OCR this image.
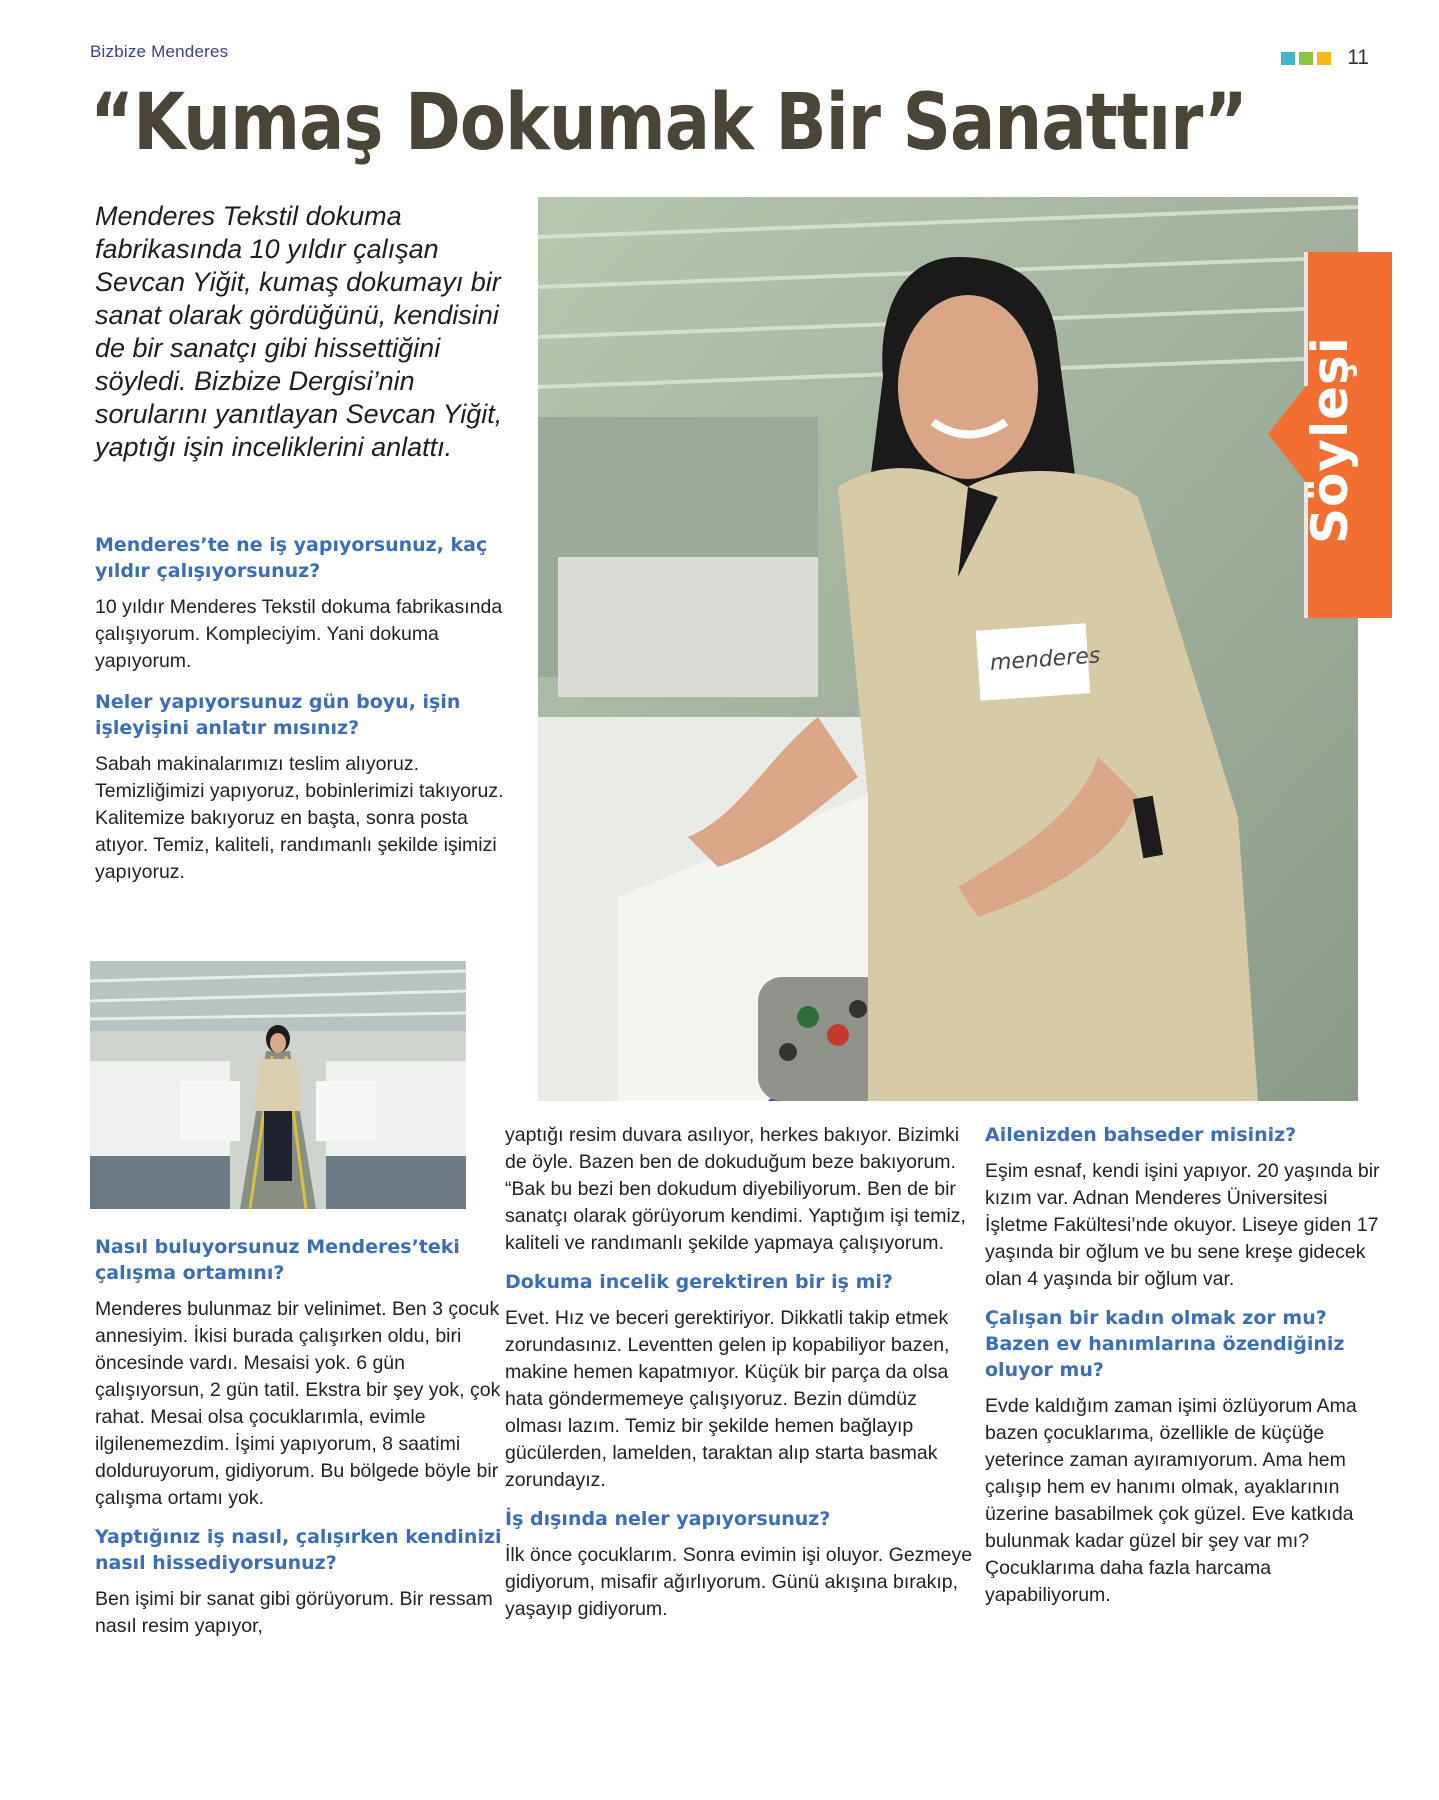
Bizbize Menderes	11
“Kumaş Dokumak Bir Sanattır”
Menderes Tekstil dokuma fabrikasında 10 yıldır çalışan Sevcan Yiğit, kumaş dokumayı bir sanat olarak gördüğünü, kendisini de bir sanatçı gibi hissettiğini söyledi. Bizbize Dergisi’nin sorularını yanıtlayan Sevcan Yiğit, yaptığı işin inceliklerini anlattı.
Menderes’te ne iş yapıyorsunuz, kaç yıldır çalışıyorsunuz?
10 yıldır Menderes Tekstil dokuma fabrikasında çalışıyorum. Kompleciyim. Yani dokuma yapıyorum.
Neler yapıyorsunuz gün boyu, işin işleyişini anlatır mısınız?
Sabah makinalarımızı teslim alıyoruz. Temizliğimizi yapıyoruz, bobinlerimizi takıyoruz. Kalitemize bakıyoruz en başta, sonra posta atıyor. Temiz, kaliteli, randımanlı şekilde işimizi yapıyoruz.
Nasıl buluyorsunuz Menderes’teki çalışma ortamını?
Menderes bulunmaz bir velinimet. Ben 3 çocuk annesiyim. İkisi burada çalışırken oldu, biri öncesinde vardı. Mesaisi yok. 6 gün çalışıyorsun, 2 gün tatil. Ekstra bir şey yok, çok rahat. Mesai olsa çocuklarımla, evimle ilgilenemezdim. İşimi yapıyorum, 8 saatimi dolduruyorum, gidiyorum. Bu bölgede böyle bir çalışma ortamı yok.
Yaptığınız iş nasıl, çalışırken kendinizi nasıl hissediyorsunuz?
Ben işimi bir sanat gibi görüyorum. Bir ressam nasıl resim yapıyor,
yaptığı resim duvara asılıyor, herkes bakıyor. Bizimki de öyle. Bazen ben de dokuduğum beze bakıyorum. “Bak bu bezi ben dokudum diyebiliyorum. Ben de bir sanatçı olarak görüyorum kendimi. Yaptığım işi temiz, kaliteli ve randımanlı şekilde yapmaya çalışıyorum.
Dokuma incelik gerektiren bir iş mi?
Evet. Hız ve beceri gerektiriyor. Dikkatli takip etmek zorundasınız. Leventten gelen ip kopabiliyor bazen, makine hemen kapatmıyor. Küçük bir parça da olsa hata göndermemeye çalışıyoruz. Bezin dümdüz olması lazım. Temiz bir şekilde hemen bağlayıp gücülerden, lamelden, taraktan alıp starta basmak zorundayız.
İş dışında neler yapıyorsunuz?
İlk önce çocuklarım. Sonra evimin işi oluyor. Gezmeye gidiyorum, misafir ağırlıyorum. Günü akışına bırakıp, yaşayıp gidiyorum.
Ailenizden bahseder misiniz?
Eşim esnaf, kendi işini yapıyor. 20 yaşında bir kızım var. Adnan Menderes Üniversitesi İşletme Fakültesi’nde okuyor. Liseye giden 17 yaşında bir oğlum ve bu sene kreşe gidecek olan 4 yaşında bir oğlum var.
Çalışan bir kadın olmak zor mu? Bazen ev hanımlarına özendiğiniz oluyor mu?
Evde kaldığım zaman işimi özlüyorum Ama bazen çocuklarıma, özellikle de küçüğe yeterince zaman ayıramıyorum. Ama hem çalışıp hem ev hanımı olmak, ayaklarının üzerine basabilmek çok güzel. Eve katkıda bulunmak kadar güzel bir şey var mı? Çocuklarıma daha fazla harcama yapabiliyorum.
menderes
Söyleşi
